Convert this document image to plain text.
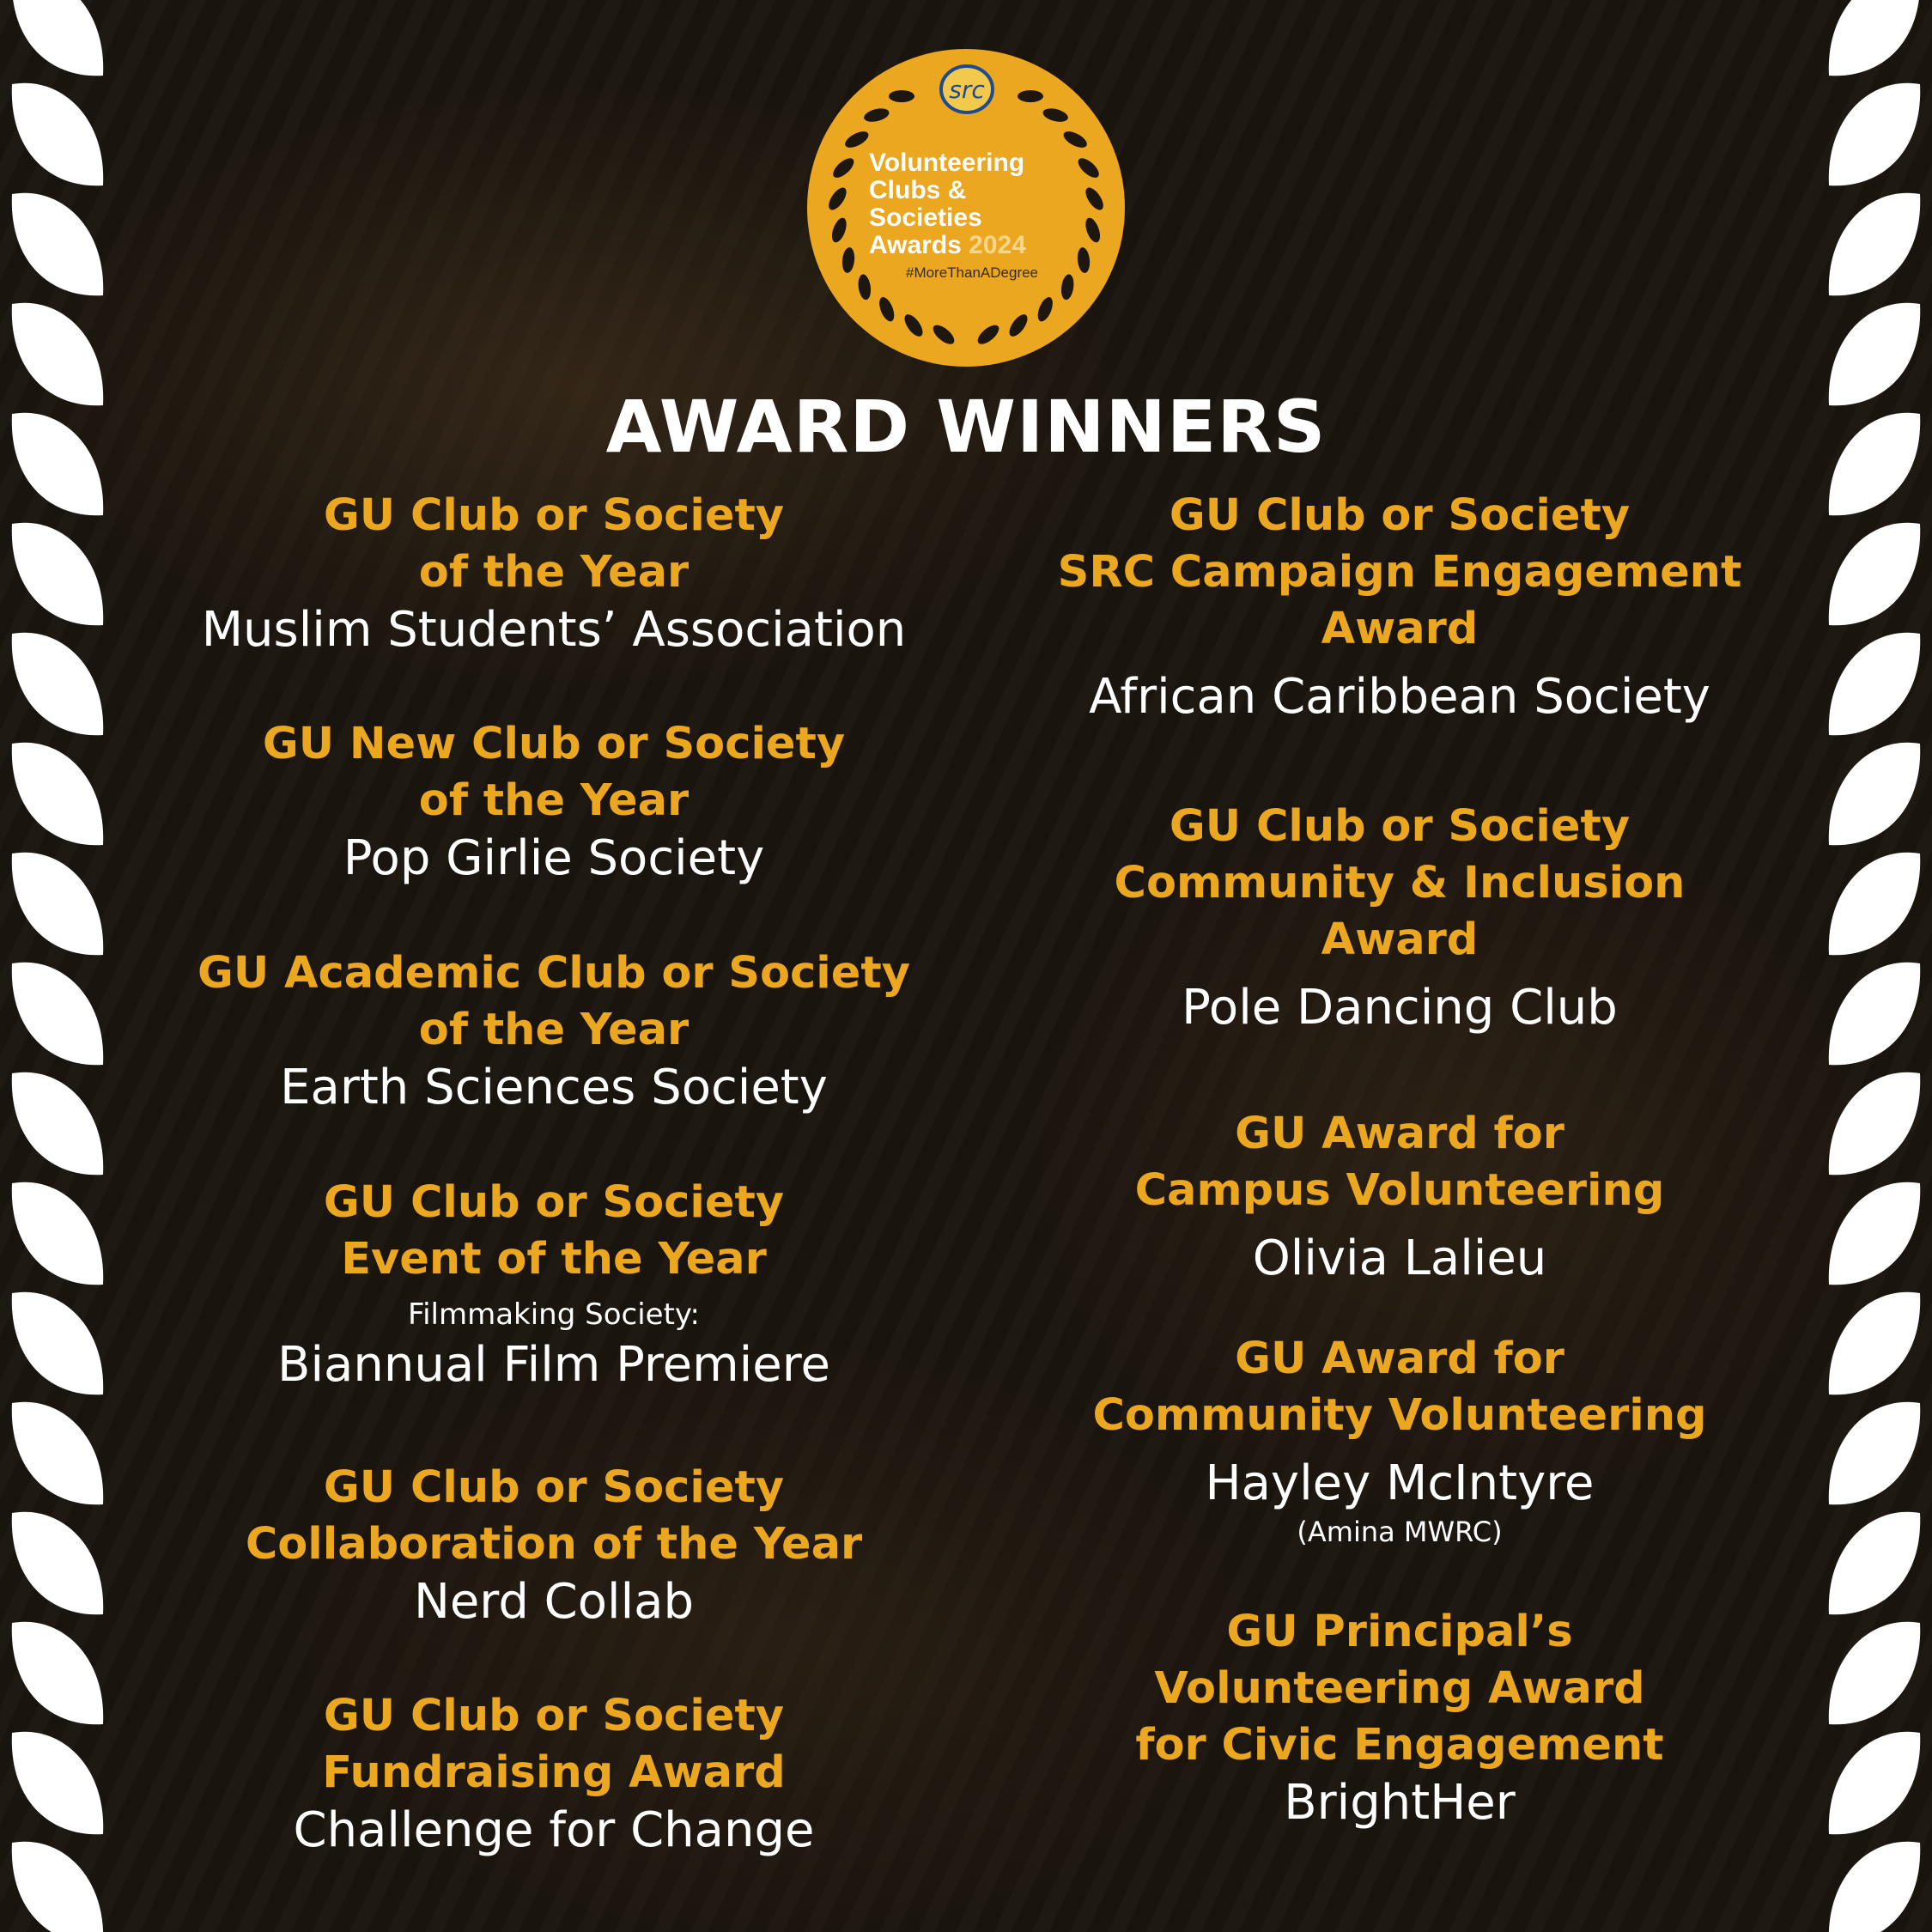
src
Volunteering
Clubs &
Societies
Awards 2024
#MoreThanADegree
AWARD WINNERS
GU Club or Society
of the Year
Muslim Students’ Association
GU New Club or Society
of the Year
Pop Girlie Society
GU Academic Club or Society
of the Year
Earth Sciences Society
GU Club or Society
Event of the Year
Filmmaking Society:
Biannual Film Premiere
GU Club or Society
Collaboration of the Year
Nerd Collab
GU Club or Society
Fundraising Award
Challenge for Change
GU Club or Society
SRC Campaign Engagement
Award
African Caribbean Society
GU Club or Society
Community & Inclusion
Award
Pole Dancing Club
GU Award for
Campus Volunteering
Olivia Lalieu
GU Award for
Community Volunteering
Hayley McIntyre
(Amina MWRC)
GU Principal’s
Volunteering Award
for Civic Engagement
BrightHer
